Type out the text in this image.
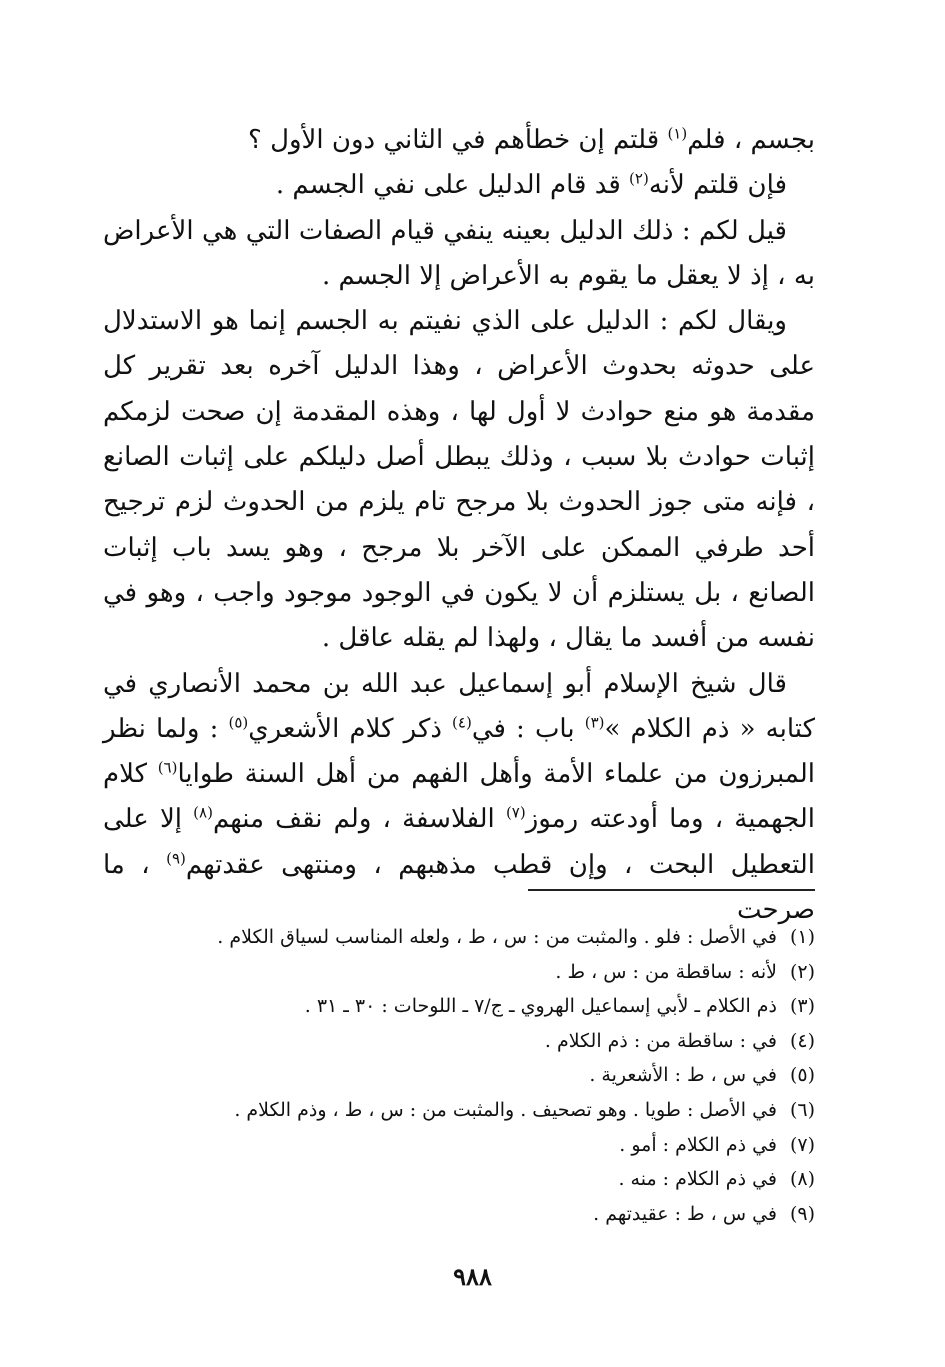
بجسم ، فلم$^{(١)}$ قلتم إن خطأهم في الثاني دون الأول ؟

فإن قلتم لأنه$^{(٢)}$ قد قام الدليل على نفي الجسم .

قيل لكم : ذلك الدليل بعينه ينفي قيام الصفات التي هي الأعراض به ، إذ لا يعقل ما يقوم به الأعراض إلا الجسم .

ويقال لكم : الدليل على الذي نفيتم به الجسم إنما هو الاستدلال على حدوثه بحدوث الأعراض ، وهذا الدليل آخره بعد تقرير كل مقدمة هو منع حوادث لا أول لها ، وهذه المقدمة إن صحت لزمكم إثبات حوادث بلا سبب ، وذلك يبطل أصل دليلكم على إثبات الصانع ، فإنه متى جوز الحدوث بلا مرجح تام يلزم من الحدوث لزم ترجيح أحد طرفي الممكن على الآخر بلا مرجح ، وهو يسد باب إثبات الصانع ، بل يستلزم أن لا يكون في الوجود موجود واجب ، وهو في نفسه من أفسد ما يقال ، ولهذا لم يقله عاقل .

قال شيخ الإسلام أبو إسماعيل عبد الله بن محمد الأنصاري في كتابه « ذم الكلام »$^{(٣)}$ باب : في$^{(٤)}$ ذكر كلام الأشعري$^{(٥)}$ : ولما نظر المبرزون من علماء الأمة وأهل الفهم من أهل السنة طوايا$^{(٦)}$ كلام الجهمية ، وما أودعته رموز$^{(٧)}$ الفلاسفة ، ولم نقف منهم$^{(٨)}$ إلا على التعطيل البحت ، وإن قطب مذهبهم ، ومنتهى عقدتهم$^{(٩)}$ ، ما صرحت

(١)في الأصل : فلو . والمثبت من : س ، ط ، ولعله المناسب لسياق الكلام .
(٢)لأنه : ساقطة من : س ، ط .
(٣)ذم الكلام ـ لأبي إسماعيل الهروي ـ ج/٧ ـ اللوحات : ٣٠ ـ ٣١ .
(٤)في : ساقطة من : ذم الكلام .
(٥)في س ، ط : الأشعرية .
(٦)في الأصل : طويا . وهو تصحيف . والمثبت من : س ، ط ، وذم الكلام .
(٧)في ذم الكلام : أمو .
(٨)في ذم الكلام : منه .
(٩)في س ، ط : عقيدتهم .
٩٨٨
